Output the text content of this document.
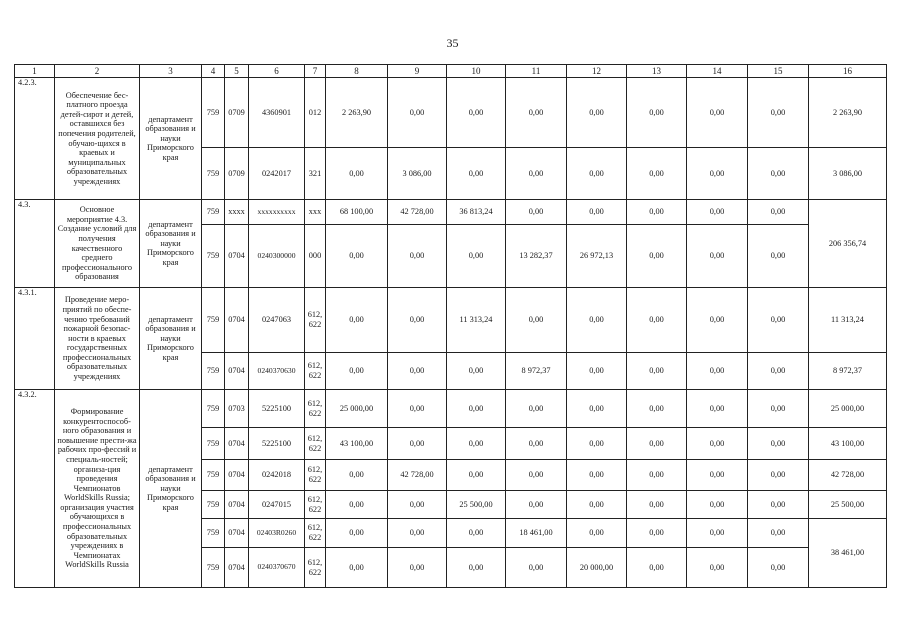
35
1	2	3	4	5	6	7	8	9	10	11	12	13	14	15	16
4.2.3.	Обеспечение бес-платного проезда детей-сирот и детей, оставшихся без попечения родителей, обучаю-щихся в краевых и муниципальных образовательных учреждениях	департамент образования и науки Приморского края	759	0709	4360901	012	2 263,90	0,00	0,00	0,00	0,00	0,00	0,00	0,00	2 263,90
			759	0709	0242017	321	0,00	3 086,00	0,00	0,00	0,00	0,00	0,00	0,00	3 086,00
4.3.	Основное мероприятие 4.3. Создание условий для получения качественного среднего профессионального образования	департамент образования и науки Приморского края	759	xxxx	xxxxxxxxxx	xxx	68 100,00	42 728,00	36 813,24	0,00	0,00	0,00	0,00	0,00	206 356,74
			759	0704	0240300000	000	0,00	0,00	0,00	13 282,37	26 972,13	0,00	0,00	0,00	
4.3.1.	Проведение меро-приятий по обеспе-чению требований пожарной безопас-ности в краевых государственных профессиональных образовательных учреждениях	департамент образования и науки Приморского края	759	0704	0247063	612, 622	0,00	0,00	11 313,24	0,00	0,00	0,00	0,00	0,00	11 313,24
			759	0704	0240370630	612, 622	0,00	0,00	0,00	8 972,37	0,00	0,00	0,00	0,00	8 972,37
4.3.2.	Формирование конкурентоспособ-ного образования и повышение прести-жа рабочих про-фессий и специаль-ностей; организа-ция проведения Чемпионатов WorldSkills Russia; организация участия обучающихся в профессиональных образовательных учреждениях в Чемпионатах WorldSkills Russia	департамент образования и науки Приморского края	759	0703	5225100	612, 622	25 000,00	0,00	0,00	0,00	0,00	0,00	0,00	0,00	25 000,00
			759	0704	5225100	612, 622	43 100,00	0,00	0,00	0,00	0,00	0,00	0,00	0,00	43 100,00
			759	0704	0242018	612, 622	0,00	42 728,00	0,00	0,00	0,00	0,00	0,00	0,00	42 728,00
			759	0704	0247015	612, 622	0,00	0,00	25 500,00	0,00	0,00	0,00	0,00	0,00	25 500,00
			759	0704	02403R0260	612, 622	0,00	0,00	0,00	18 461,00	0,00	0,00	0,00	0,00	38 461,00
			759	0704	0240370670	612, 622	0,00	0,00	0,00	0,00	20 000,00	0,00	0,00	0,00	
